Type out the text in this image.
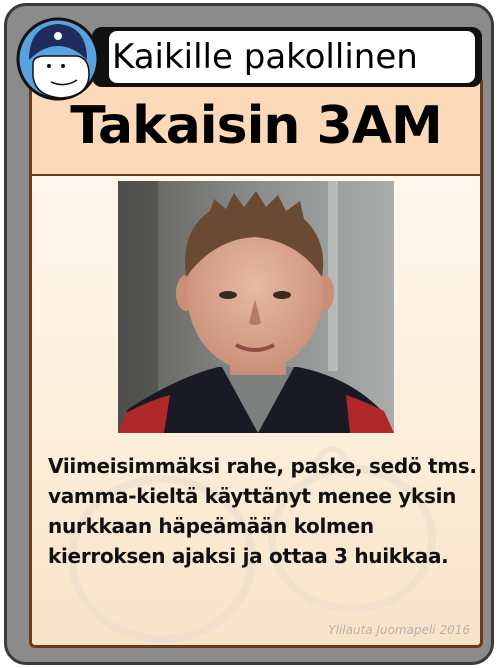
Takaisin 3AM
Viimeisimmäksi rahe, paske, sedö tms. vamma-kieltä käyttänyt menee yksin nurkkaan häpeämään kolmen kierroksen ajaksi ja ottaa 3 huikkaa.
Ylilauta Juomapeli 2016
Kaikille pakollinen
